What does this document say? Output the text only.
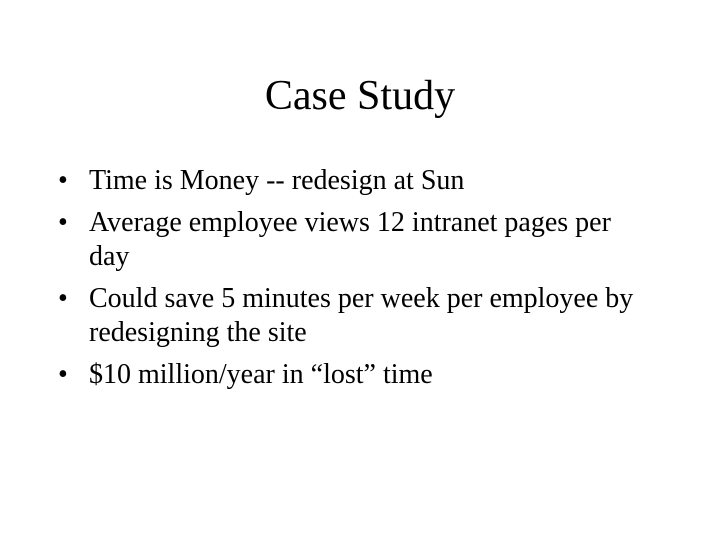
Case Study
• Time is Money -- redesign at Sun
• Average employee views 12 intranet pages per day
• Could save 5 minutes per week per employee by redesigning the site
• $10 million/year in “lost” time
